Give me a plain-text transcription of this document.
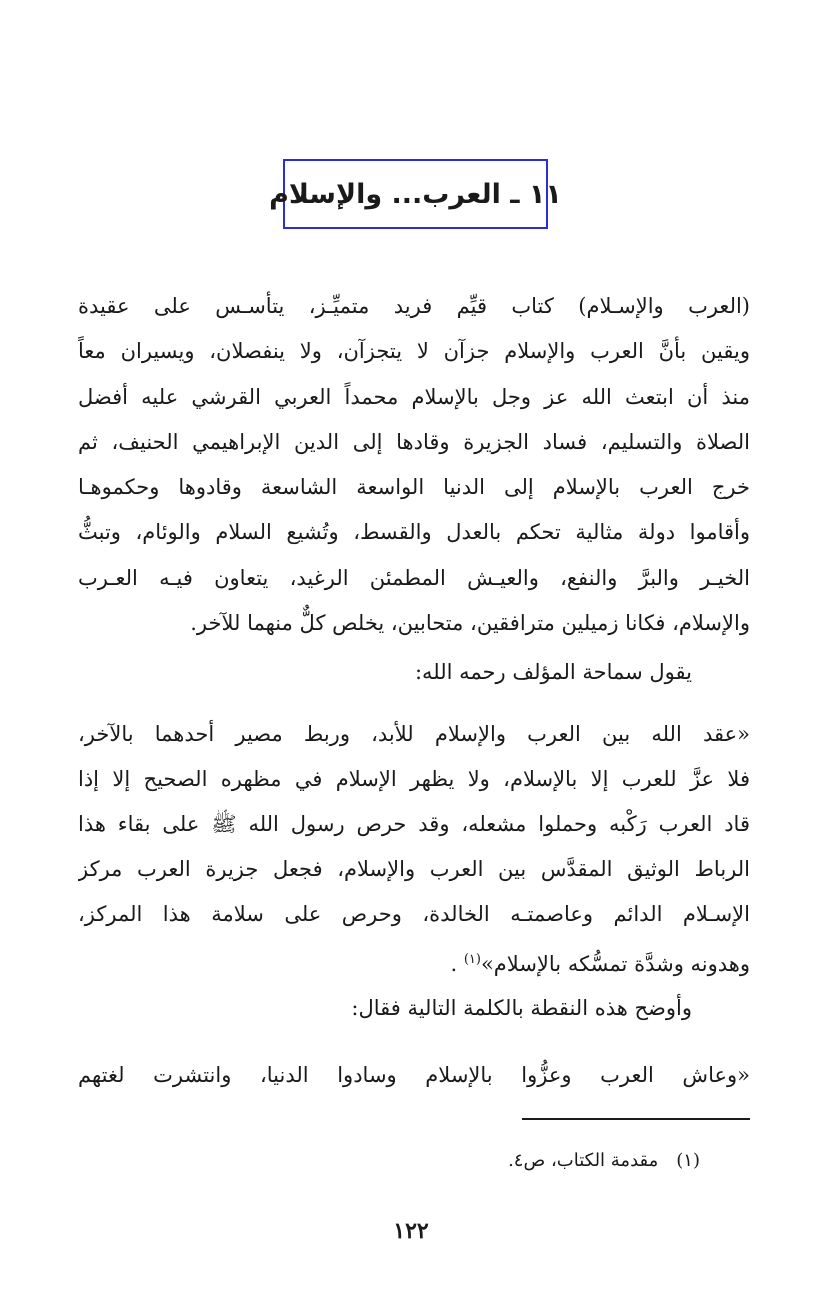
١١ ـ العرب... والإسلام
(العرب والإسـلام) كتاب قيِّم فريد متميِّـز، يتأسـس على عقيدة
ويقين بأنَّ العرب والإسلام جزآن لا يتجزآن، ولا ينفصلان، ويسيران معاً
منذ أن ابتعث الله عز وجل بالإسلام محمداً العربي القرشي عليه أفضل
الصلاة والتسليم، فساد الجزيرة وقادها إلى الدين الإبراهيمي الحنيف، ثم
خرج العرب بالإسلام إلى الدنيا الواسعة الشاسعة وقادوها وحكموهـا
وأقاموا دولة مثالية تحكم بالعدل والقسط، وتُشيع السلام والوئام، وتبثُّ
الخيـر والبرَّ والنفع، والعيـش المطمئن الرغيد، يتعاون فيـه العـرب
والإسلام، فكانا زميلين مترافقين، متحابين، يخلص كلٌّ منهما للآخر.
يقول سماحة المؤلف رحمه الله:
«عقد الله بين العرب والإسلام للأبد، وربط مصير أحدهما بالآخر،
فلا عزَّ للعرب إلا بالإسلام، ولا يظهر الإسلام في مظهره الصحيح إلا إذا
قاد العرب رَكْبه وحملوا مشعله، وقد حرص رسول الله ﷺ على بقاء هذا
الرباط الوثيق المقدَّس بين العرب والإسلام، فجعل جزيرة العرب مركز
الإسـلام الدائم وعاصمتـه الخالدة، وحرص على سلامة هذا المركز،
وهدونه وشدَّة تمسُّكه بالإسلام»$^{(١)}$ .
وأوضح هذه النقطة بالكلمة التالية فقال:
«وعاش العرب وعزُّوا بالإسلام وسادوا الدنيا، وانتشرت لغتهم
(١)مقدمة الكتاب، ص٤.
١٢٢
